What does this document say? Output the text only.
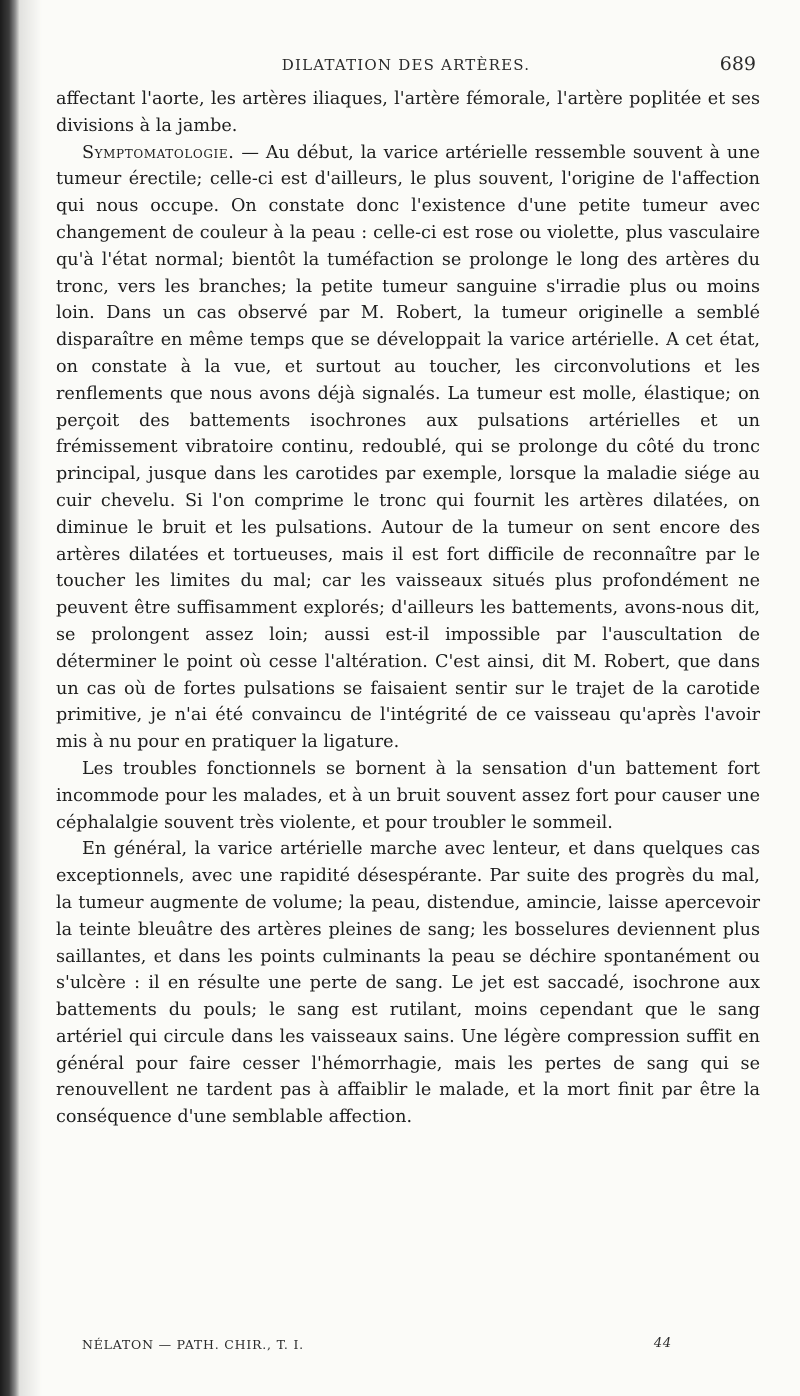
DILATATION DES ARTÈRES.	689

affectant l'aorte, les artères iliaques, l'artère fémorale, l'artère poplitée et ses divisions à la jambe.

Symptomatologie. — Au début, la varice artérielle ressemble souvent à une tumeur érectile; celle-ci est d'ailleurs, le plus souvent, l'origine de l'affection qui nous occupe. On constate donc l'existence d'une petite tumeur avec changement de couleur à la peau : celle-ci est rose ou violette, plus vasculaire qu'à l'état normal; bientôt la tuméfaction se prolonge le long des artères du tronc, vers les branches; la petite tumeur sanguine s'irradie plus ou moins loin. Dans un cas observé par M. Robert, la tumeur originelle a semblé disparaître en même temps que se développait la varice artérielle. A cet état, on constate à la vue, et surtout au toucher, les circonvolutions et les renflements que nous avons déjà signalés. La tumeur est molle, élastique; on perçoit des battements isochrones aux pulsations artérielles et un frémissement vibratoire continu, redoublé, qui se prolonge du côté du tronc principal, jusque dans les carotides par exemple, lorsque la maladie siége au cuir chevelu. Si l'on comprime le tronc qui fournit les artères dilatées, on diminue le bruit et les pulsations. Autour de la tumeur on sent encore des artères dilatées et tortueuses, mais il est fort difficile de reconnaître par le toucher les limites du mal; car les vaisseaux situés plus profondément ne peuvent être suffisamment explorés; d'ailleurs les battements, avons-nous dit, se prolongent assez loin; aussi est-il impossible par l'auscultation de déterminer le point où cesse l'altération. C'est ainsi, dit M. Robert, que dans un cas où de fortes pulsations se faisaient sentir sur le trajet de la carotide primitive, je n'ai été convaincu de l'intégrité de ce vaisseau qu'après l'avoir mis à nu pour en pratiquer la ligature.

Les troubles fonctionnels se bornent à la sensation d'un battement fort incommode pour les malades, et à un bruit souvent assez fort pour causer une céphalalgie souvent très violente, et pour troubler le sommeil.

En général, la varice artérielle marche avec lenteur, et dans quelques cas exceptionnels, avec une rapidité désespérante. Par suite des progrès du mal, la tumeur augmente de volume; la peau, distendue, amincie, laisse apercevoir la teinte bleuâtre des artères pleines de sang; les bosselures deviennent plus saillantes, et dans les points culminants la peau se déchire spontanément ou s'ulcère : il en résulte une perte de sang. Le jet est saccadé, isochrone aux battements du pouls; le sang est rutilant, moins cependant que le sang artériel qui circule dans les vaisseaux sains. Une légère compression suffit en général pour faire cesser l'hémorrhagie, mais les pertes de sang qui se renouvellent ne tardent pas à affaiblir le malade, et la mort finit par être la conséquence d'une semblable affection.

NÉLATON — PATH. CHIR., T. I.	44
